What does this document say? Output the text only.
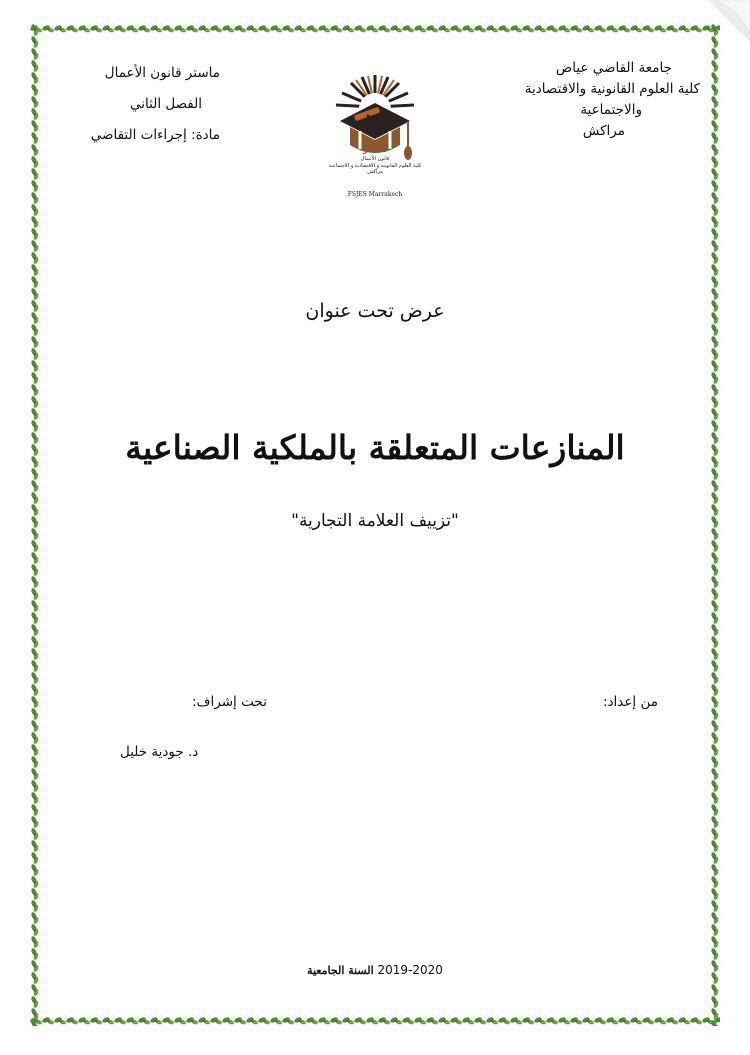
جامعة القاضي عياض
كلية العلوم القانونية والاقتصادية
والاجتماعية
مراكش
ماستر قانون الأعمال
الفصل الثاني
مادة: إجراءات التقاضي
ماستر
قانون الأعمال
كلية العلوم القانونية و الاقتصادية و الاجتماعية
مراكش
FSJES Marrakech
عرض تحت عنوان
المنازعات المتعلقة بالملكية الصناعية
"تزييف العلامة التجارية"
من إعداد:
تحت إشراف:
د. جودية خليل
السنة الجامعية 2019-2020
